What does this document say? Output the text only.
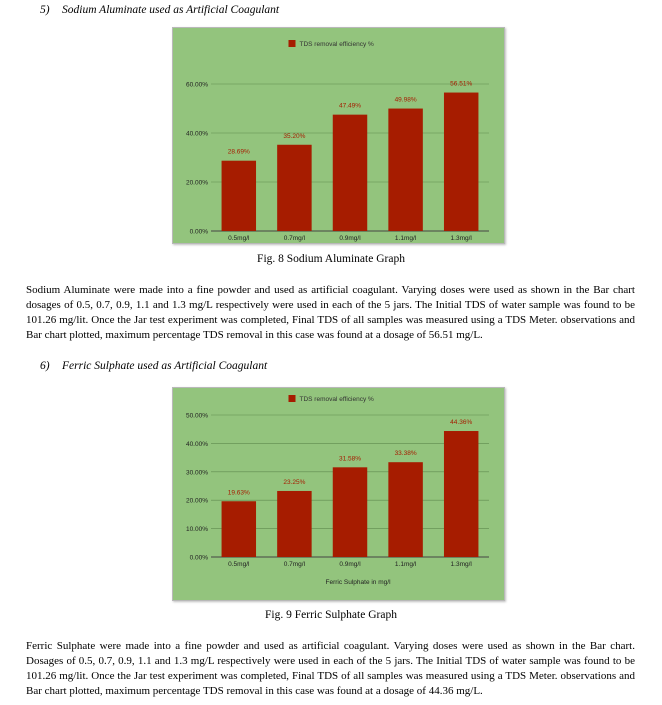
5) Sodium Aluminate used as Artificial Coagulant
TDS removal efficiency %
0.00%
20.00%
40.00%
60.00%
28.69%
0.5mg/l
35.20%
0.7mg/l
47.49%
0.9mg/l
49.98%
1.1mg/l
56.51%
1.3mg/l
Fig. 8 Sodium Aluminate Graph

Sodium Aluminate were made into a fine powder and used as artificial coagulant. Varying doses were used as shown in the Bar chart dosages of 0.5, 0.7, 0.9, 1.1 and 1.3 mg/L respectively were used in each of the 5 jars. The Initial TDS of water sample was found to be 101.26 mg/lit. Once the Jar test experiment was completed, Final TDS of all samples was measured using a TDS Meter. observations and Bar chart plotted, maximum percentage TDS removal in this case was found at a dosage of 56.51 mg/L.

6) Ferric Sulphate used as Artificial Coagulant
TDS removal efficiency %
0.00%
10.00%
20.00%
30.00%
40.00%
50.00%
19.63%
0.5mg/l
23.25%
0.7mg/l
31.58%
0.9mg/l
33.38%
1.1mg/l
44.36%
1.3mg/l
Ferric Sulphate in mg/l
Fig. 9 Ferric Sulphate Graph

Ferric Sulphate were made into a fine powder and used as artificial coagulant. Varying doses were used as shown in the Bar chart. Dosages of 0.5, 0.7, 0.9, 1.1 and 1.3 mg/L respectively were used in each of the 5 jars. The Initial TDS of water sample was found to be 101.26 mg/lit. Once the Jar test experiment was completed, Final TDS of all samples was measured using a TDS Meter. observations and Bar chart plotted, maximum percentage TDS removal in this case was found at a dosage of 44.36 mg/L.
